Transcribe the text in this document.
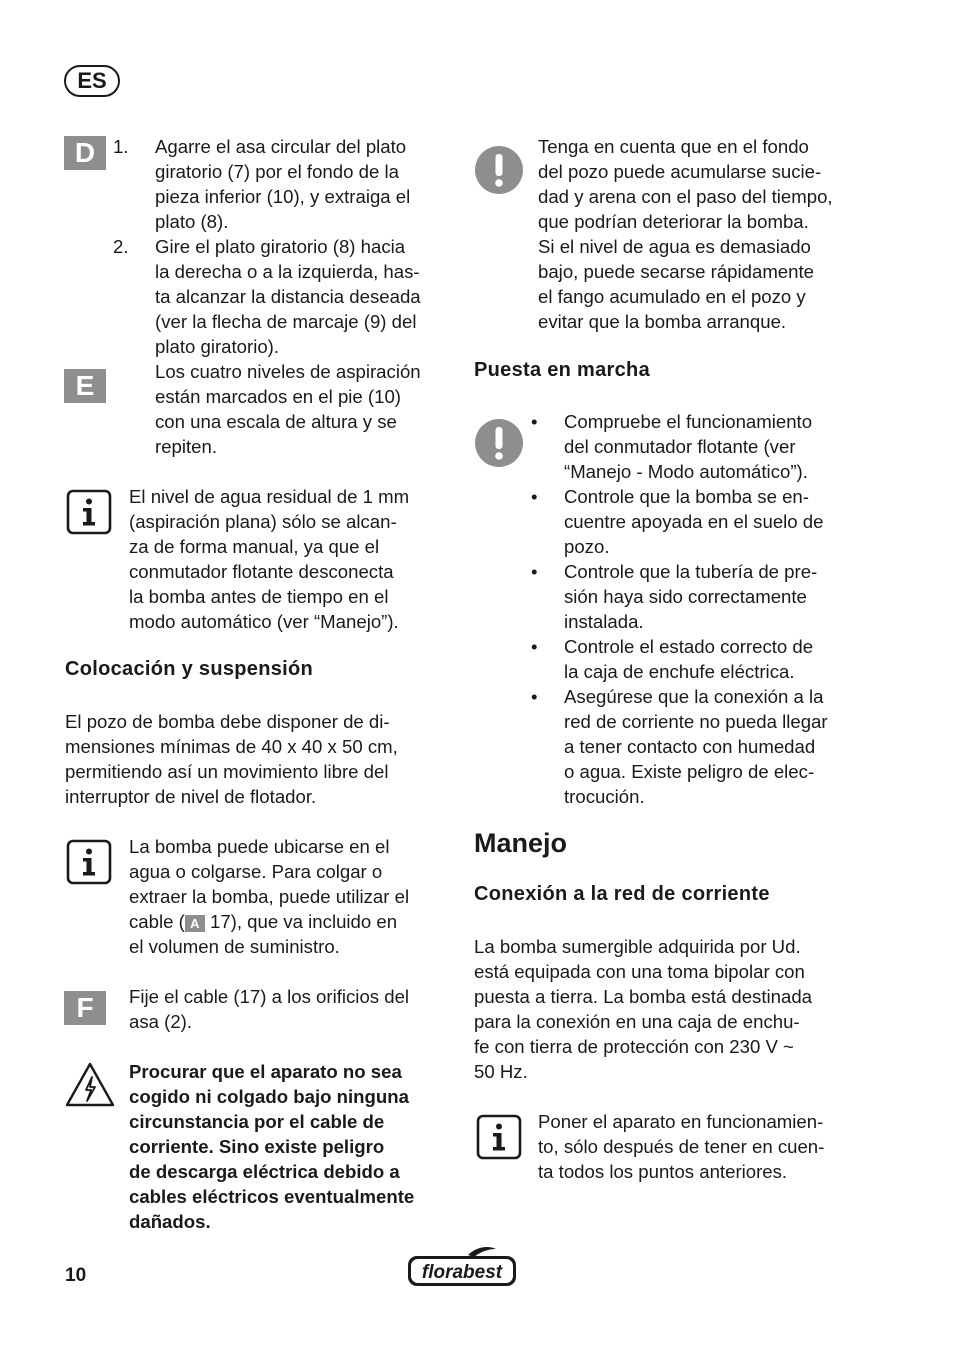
ES
D 1. Agarre el asa circular del plato
giratorio (7) por el fondo de la
pieza inferior (10), y extraiga el
plato (8).
2. Gire el plato giratorio (8) hacia
la derecha o a la izquierda, has-
ta alcanzar la distancia deseada
(ver la flecha de marcaje (9) del
plato giratorio).
E	Los cuatro niveles de aspiración
están marcados en el pie (10)
con una escala de altura y se
repiten.
El nivel de agua residual de 1 mm
(aspiración plana) sólo se alcan-
za de forma manual, ya que el
conmutador flotante desconecta
la bomba antes de tiempo en el
modo automático (ver “Manejo”).
Colocación y suspensión
El pozo de bomba debe disponer de di-
mensiones mínimas de 40 x 40 x 50 cm,
permitiendo así un movimiento libre del
interruptor de nivel de flotador.
La bomba puede ubicarse en el
agua o colgarse. Para colgar o
extraer la bomba, puede utilizar el
cable ( A 17), que va incluido en
el volumen de suministro.
F	Fije el cable (17) a los orificios del
asa (2).
Procurar que el aparato no sea
cogido ni colgado bajo ninguna
circunstancia por el cable de
corriente. Sino existe peligro
de descarga eléctrica debido a
cables eléctricos eventualmente
dañados.
Tenga en cuenta que en el fondo
del pozo puede acumularse sucie-
dad y arena con el paso del tiempo,
que podrían deteriorar la bomba.
Si el nivel de agua es demasiado
bajo, puede secarse rápidamente
el fango acumulado en el pozo y
evitar que la bomba arranque.
Puesta en marcha
• Compruebe el funcionamiento
del conmutador flotante (ver
“Manejo - Modo automático”).
• Controle que la bomba se en-
cuentre apoyada en el suelo de
pozo.
• Controle que la tubería de pre-
sión haya sido correctamente
instalada.
• Controle el estado correcto de
la caja de enchufe eléctrica.
• Asegúrese que la conexión a la
red de corriente no pueda llegar
a tener contacto con humedad
o agua. Existe peligro de elec-
trocución.
Manejo
Conexión a la red de corriente
La bomba sumergible adquirida por Ud.
está equipada con una toma bipolar con
puesta a tierra. La bomba está destinada
para la conexión en una caja de enchu-
fe con tierra de protección con 230 V ~
50 Hz.
Poner el aparato en funcionamien-
to, sólo después de tener en cuen-
ta todos los puntos anteriores.
10	florabest
